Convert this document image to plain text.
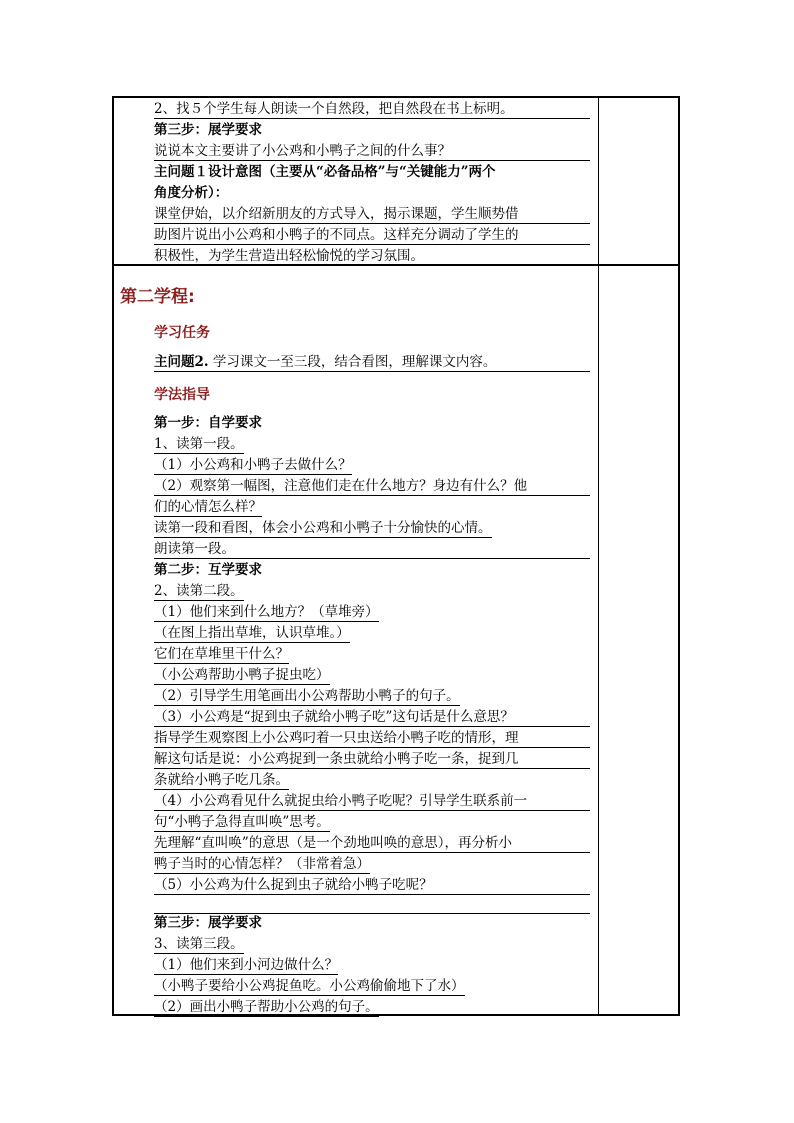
2、找５个学生每人朗读一个自然段，把自然段在书上标明。
第三步：展学要求
说说本文主要讲了小公鸡和小鸭子之间的什么事？
主问题１设计意图（主要从“必备品格”与“关键能力”两个
角度分析）：
课堂伊始，以介绍新朋友的方式导入，揭示课题，学生顺势借
助图片说出小公鸡和小鸭子的不同点。这样充分调动了学生的
积极性，为学生营造出轻松愉悦的学习氛围。
第二学程:
学习任务
主问题2. 学习课文一至三段，结合看图，理解课文内容。
学法指导
第一步：自学要求
1、读第一段。
（1）小公鸡和小鸭子去做什么？
（2）观察第一幅图，注意他们走在什么地方？身边有什么？他
们的心情怎么样？
读第一段和看图，体会小公鸡和小鸭子十分愉快的心情。
朗读第一段。
第二步：互学要求
2、读第二段。
（1）他们来到什么地方？（草堆旁）
（在图上指出草堆，认识草堆。）
它们在草堆里干什么？
（小公鸡帮助小鸭子捉虫吃）
（2）引导学生用笔画出小公鸡帮助小鸭子的句子。
（3）小公鸡是“捉到虫子就给小鸭子吃”这句话是什么意思？
指导学生观察图上小公鸡叼着一只虫送给小鸭子吃的情形，理
解这句话是说：小公鸡捉到一条虫就给小鸭子吃一条，捉到几
条就给小鸭子吃几条。
（4）小公鸡看见什么就捉虫给小鸭子吃呢？引导学生联系前一
句“小鸭子急得直叫唤”思考。
先理解“直叫唤”的意思（是一个劲地叫唤的意思），再分析小
鸭子当时的心情怎样？（非常着急）
（5）小公鸡为什么捉到虫子就给小鸭子吃呢？
第三步：展学要求
3、读第三段。
（1）他们来到小河边做什么？
（小鸭子要给小公鸡捉鱼吃。小公鸡偷偷地下了水）
（2）画出小鸭子帮助小公鸡的句子。
